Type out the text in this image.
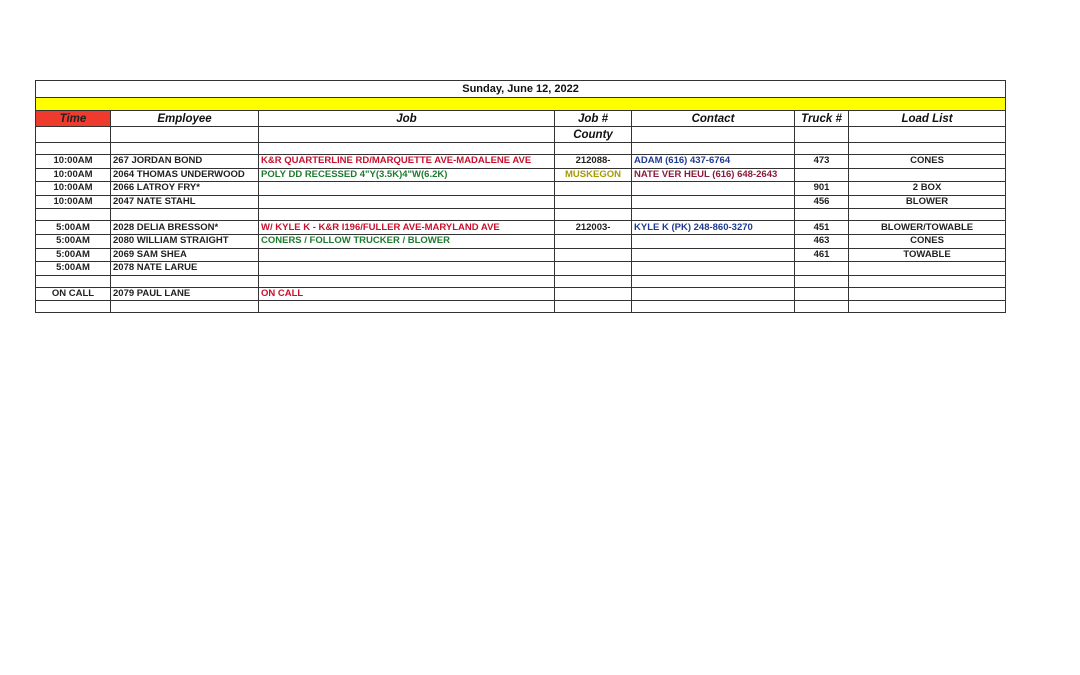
Sunday, June 12, 2022						

Time	Employee	Job	Job #	Contact	Truck #	Load List
			County			

10:00AM	267 JORDAN BOND	K&R QUARTERLINE RD/MARQUETTE AVE-MADALENE AVE	212088-	ADAM (616) 437-6764	473	CONES
10:00AM	2064 THOMAS UNDERWOOD	POLY DD RECESSED 4"Y(3.5K)4"W(6.2K)	MUSKEGON	NATE VER HEUL (616) 648-2643		
10:00AM	2066 LATROY FRY*				901	2 BOX
10:00AM	2047 NATE STAHL				456	BLOWER

5:00AM	2028 DELIA BRESSON*	W/ KYLE K - K&R I196/FULLER AVE-MARYLAND AVE	212003-	KYLE K (PK) 248-860-3270	451	BLOWER/TOWABLE
5:00AM	2080 WILLIAM STRAIGHT	CONERS / FOLLOW TRUCKER / BLOWER			463	CONES
5:00AM	2069 SAM SHEA				461	TOWABLE
5:00AM	2078 NATE LARUE					

ON CALL	2079 PAUL LANE	ON CALL				
